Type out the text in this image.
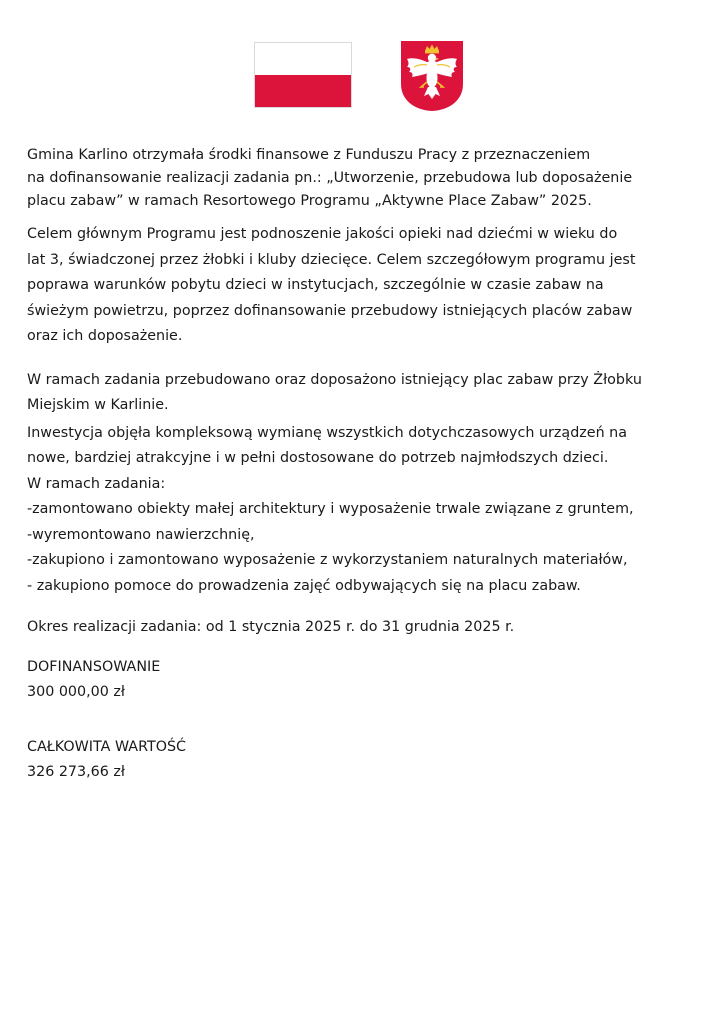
Gmina Karlino otrzymała środki finansowe z Funduszu Pracy z przeznaczeniem

na dofinansowanie realizacji zadania pn.: „Utworzenie, przebudowa lub doposażenie

placu zabaw” w ramach Resortowego Programu „Aktywne Place Zabaw” 2025.

Celem głównym Programu jest podnoszenie jakości opieki nad dziećmi w wieku do

lat 3, świadczonej przez żłobki i kluby dziecięce. Celem szczegółowym programu jest

poprawa warunków pobytu dzieci w instytucjach, szczególnie w czasie zabaw na

świeżym powietrzu, poprzez dofinansowanie przebudowy istniejących placów zabaw

oraz ich doposażenie.

W ramach zadania przebudowano oraz doposażono istniejący plac zabaw przy Żłobku

Miejskim w Karlinie.

Inwestycja objęła kompleksową wymianę wszystkich dotychczasowych urządzeń na

nowe, bardziej atrakcyjne i w pełni dostosowane do potrzeb najmłodszych dzieci.

W ramach zadania:

-zamontowano obiekty małej architektury i wyposażenie trwale związane z gruntem,

-wyremontowano nawierzchnię,

-zakupiono i zamontowano wyposażenie z wykorzystaniem naturalnych materiałów,

- zakupiono pomoce do prowadzenia zajęć odbywających się na placu zabaw.

Okres realizacji zadania: od 1 stycznia 2025 r. do 31 grudnia 2025 r.

DOFINANSOWANIE

300 000,00 zł

CAŁKOWITA WARTOŚĆ

326 273,66 zł
